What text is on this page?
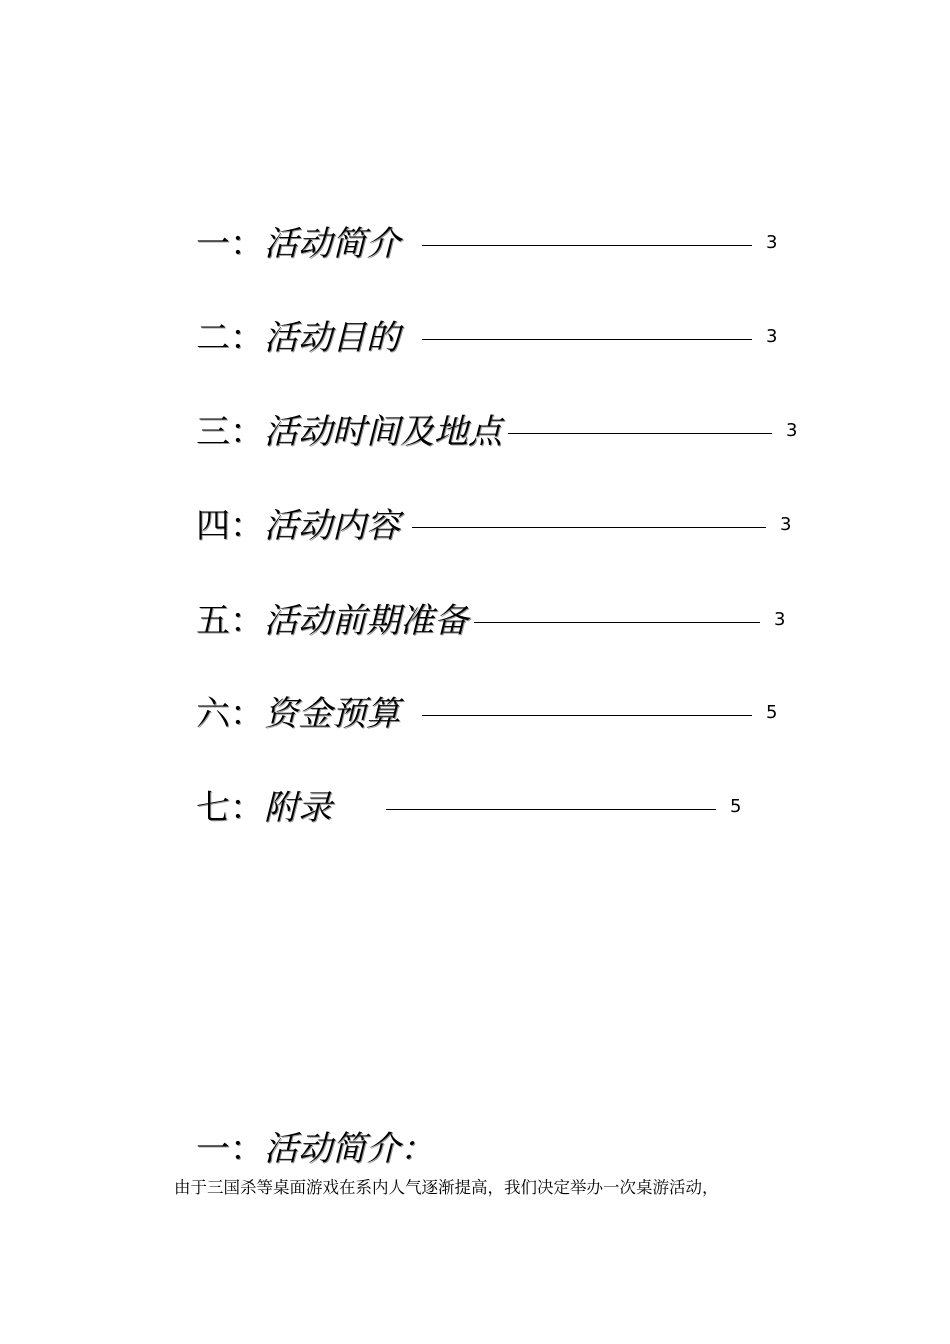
一： 活动简介	3
二： 活动目的	3
三： 活动时间及地点	3
四： 活动内容	3
五： 活动前期准备	3
六： 资金预算	5
七： 附录	5
一： 活动简介：
由于三国杀等桌面游戏在系内人气逐渐提高，我们决定举办一次桌游活动，
